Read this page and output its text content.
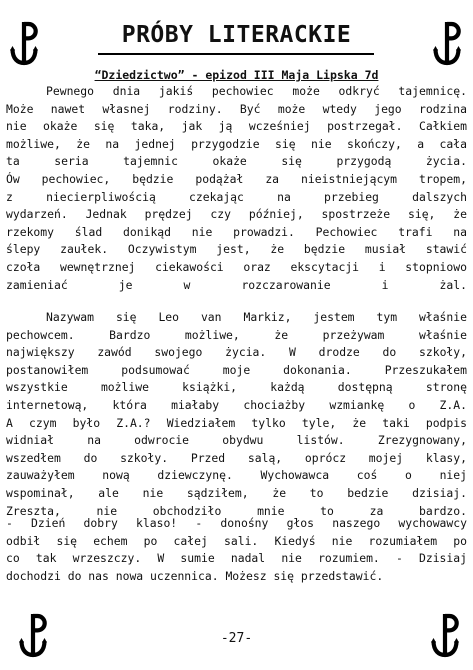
PRÓBY LITERACKIE
“Dziedzictwo” - epizod III Maja Lipska 7d
Pewnego dnia jakiś pechowiec może odkryć tajemnicę.
Może nawet własnej rodziny. Być może wtedy jego rodzina
nie okaże się taka, jak ją wcześniej postrzegał. Całkiem
możliwe, że na jednej przygodzie się nie skończy, a cała
ta seria tajemnic okaże się przygodą życia.
Ów pechowiec, będzie podążał za nieistniejącym tropem,
z niecierpliwością czekając na przebieg dalszych
wydarzeń. Jednak prędzej czy później, spostrzeże się, że
rzekomy ślad donikąd nie prowadzi. Pechowiec trafi na
ślepy zaułek. Oczywistym jest, że będzie musiał stawić
czoła wewnętrznej ciekawości oraz ekscytacji i stopniowo
zamieniać je w rozczarowanie i żal.
Nazywam się Leo van Markiz, jestem tym właśnie
pechowcem. Bardzo możliwe, że przeżywam właśnie
największy zawód swojego życia. W drodze do szkoły,
postanowiłem podsumować moje dokonania. Przeszukałem
wszystkie możliwe książki, każdą dostępną stronę
internetową, która miałaby chociażby wzmiankę o Z.A.
A czym było Z.A.? Wiedziałem tylko tyle, że taki podpis
widniał na odwrocie obydwu listów. Zrezygnowany,
wszedłem do szkoły. Przed salą, oprócz mojej klasy,
zauważyłem nową dziewczynę. Wychowawca coś o niej
wspominał, ale nie sądziłem, że to bedzie dzisiaj.
Zreszta, nie obchodziło mnie to za bardzo.
- Dzień dobry klaso! - donośny głos naszego wychowawcy
odbił się echem po całej sali. Kiedyś nie rozumiałem po
co tak wrzeszczy. W sumie nadal nie rozumiem. - Dzisiaj
dochodzi do nas nowa uczennica. Możesz się przedstawić.
-27-
